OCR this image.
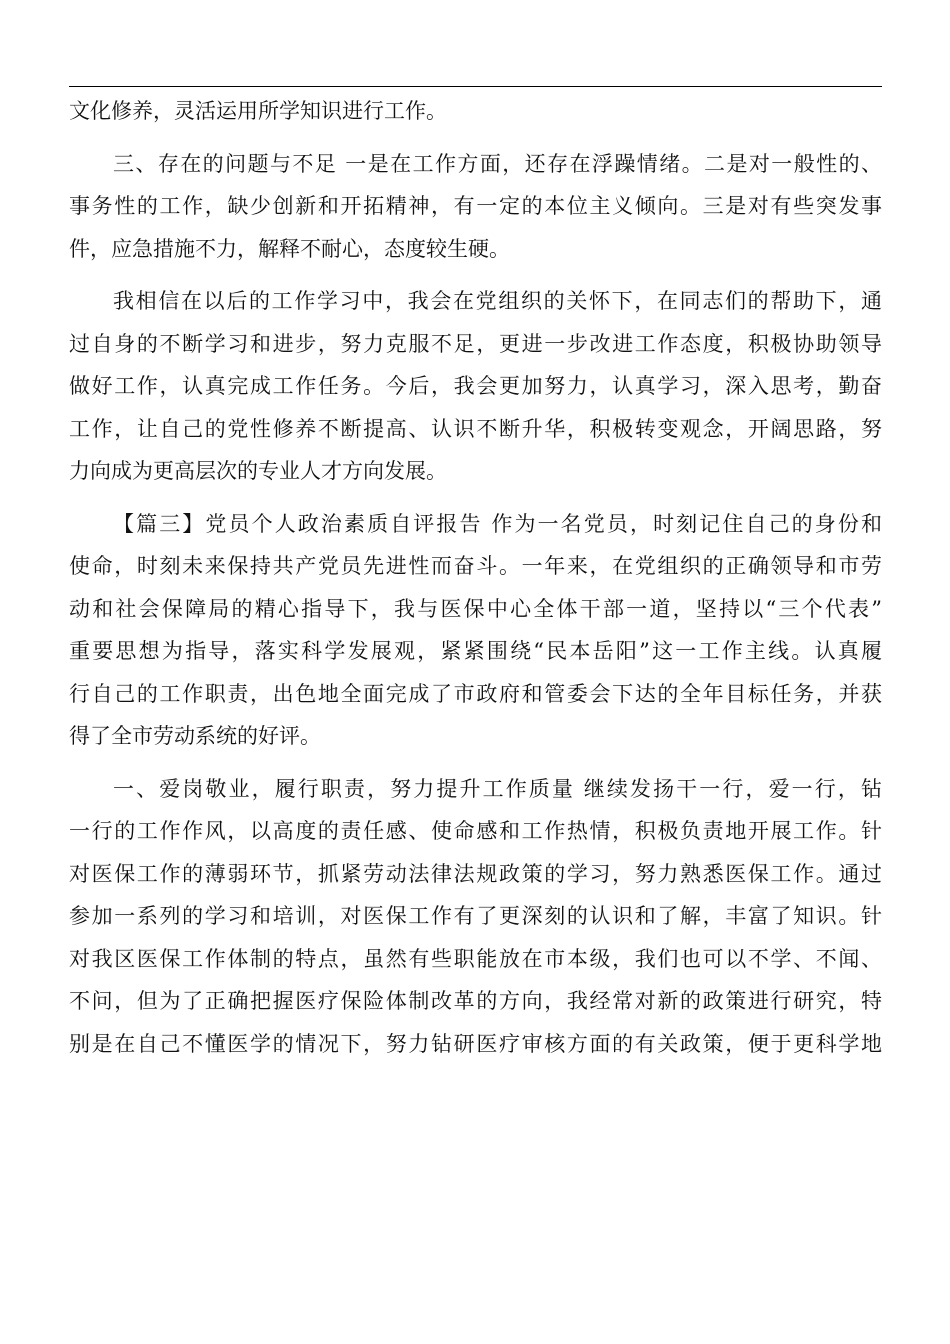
文化修养，灵活运用所学知识进行工作。
三、存在的问题与不足 一是在工作方面，还存在浮躁情绪。二是对一般性的、
事务性的工作，缺少创新和开拓精神，有一定的本位主义倾向。三是对有些突发事
件，应急措施不力，解释不耐心，态度较生硬。
我相信在以后的工作学习中，我会在党组织的关怀下，在同志们的帮助下，通
过自身的不断学习和进步，努力克服不足，更进一步改进工作态度，积极协助领导
做好工作，认真完成工作任务。今后，我会更加努力，认真学习，深入思考，勤奋
工作，让自己的党性修养不断提高、认识不断升华，积极转变观念，开阔思路，努
力向成为更高层次的专业人才方向发展。
【篇三】党员个人政治素质自评报告 作为一名党员，时刻记住自己的身份和
使命，时刻未来保持共产党员先进性而奋斗。一年来，在党组织的正确领导和市劳
动和社会保障局的精心指导下，我与医保中心全体干部一道，坚持以“三个代表”
重要思想为指导，落实科学发展观，紧紧围绕“民本岳阳”这一工作主线。认真履
行自己的工作职责，出色地全面完成了市政府和管委会下达的全年目标任务，并获
得了全市劳动系统的好评。
一、爱岗敬业，履行职责，努力提升工作质量 继续发扬干一行，爱一行，钻
一行的工作作风，以高度的责任感、使命感和工作热情，积极负责地开展工作。针
对医保工作的薄弱环节，抓紧劳动法律法规政策的学习，努力熟悉医保工作。通过
参加一系列的学习和培训，对医保工作有了更深刻的认识和了解，丰富了知识。针
对我区医保工作体制的特点，虽然有些职能放在市本级，我们也可以不学、不闻、
不问，但为了正确把握医疗保险体制改革的方向，我经常对新的政策进行研究，特
别是在自己不懂医学的情况下，努力钻研医疗审核方面的有关政策，便于更科学地
